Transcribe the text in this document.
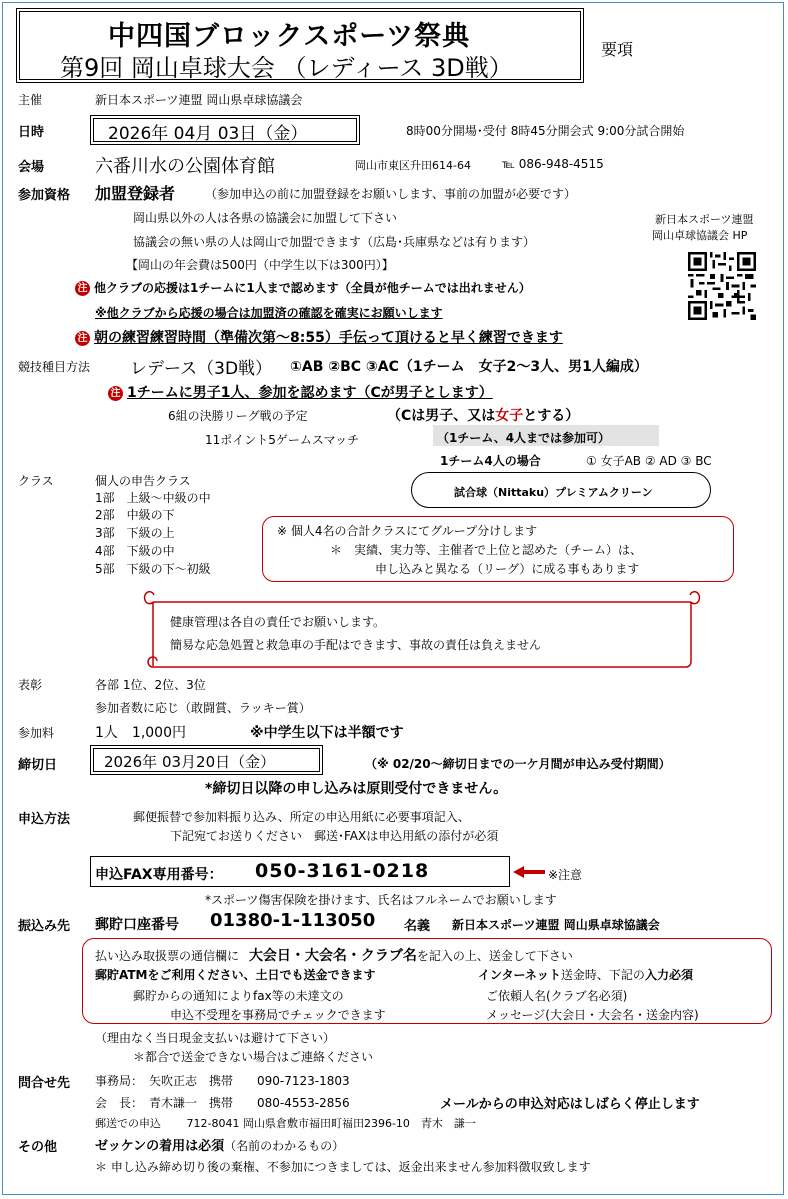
中四国ブロックスポーツ祭典
第9回 岡山卓球大会 （レディース 3D戦）
要項
主催	新日本スポーツ連盟 岡山県卓球協議会
日時	2026年 04月 03日（金）	8時00分開場･受付 8時45分開会式 9:00分試合開始
会場	六番川水の公園体育館	岡山市東区升田614-64	℡ 086-948-4515
参加資格 加盟登録者 （参加申込の前に加盟登録をお願いします、事前の加盟が必要です）
岡山県以外の人は各県の協議会に加盟して下さい
協議会の無い県の人は岡山で加盟できます（広島･兵庫県などは有ります）
【岡山の年会費は500円（中学生以下は300円）】
新日本スポーツ連盟
岡山卓球協議会 HP
注 他クラブの応援は1チームに1人まで認めます（全員が他チームでは出れません）
※他クラブから応援の場合は加盟済の確認を確実にお願いします
注 朝の練習練習時間（準備次第～8:55）手伝って頂けると早く練習できます
競技種目方法 レデース（3D戦） ①AB ②BC ③AC（1チーム　女子2～3人、男1人編成）
注 1チームに男子1人、参加を認めます（Cが男子とします）
6組の決勝リーグ戦の予定	（Cは男子、又は女子とする）
11ポイント5ゲームスマッチ	（1チーム、4人までは参加可）
1チーム4人の場合	① 女子AB ② AD ③ BC
クラス	個人の申告クラス
1部　上級～中級の中
2部　中級の下
3部　下級の上
4部　下級の中
5部　下級の下～初級
試合球（Nittaku）プレミアムクリーン
※ 個人4名の合計クラスにてグループ分けします
＊　実績、実力等、主催者で上位と認めた（チーム）は、
申し込みと異なる（リーグ）に成る事もあります
健康管理は各自の責任でお願いします。
簡易な応急処置と救急車の手配はできます、事故の責任は負えません
表彰	各部 1位、2位、3位
参加者数に応じ（敢闘賞、ラッキー賞）
参加料	1人　1,000円	※中学生以下は半額です
締切日	2026年 03月20日（金）	（※ 02/20～締切日までの一ケ月間が申込み受付期間）
*締切日以降の申し込みは原則受付できません。
申込方法	郵便振替で参加料振り込み、所定の申込用紙に必要事項記入、
下記宛てお送りください　郵送･FAXは申込用紙の添付が必須
申込FAX専用番号： 050-3161-0218	※注意
*スポーツ傷害保険を掛けます、氏名はフルネームでお願いします
振込み先 郵貯口座番号 01380-1-113050 名義 新日本スポーツ連盟 岡山県卓球協議会
払い込み取扱票の通信欄に 大会日・大会名・クラブ名を記入の上、送金して下さい
郵貯ATMをご利用ください、土日でも送金できます	インターネット送金時、下記の入力必須
郵貯からの通知によりfax等の未達文の	ご依頼人名(クラブ名必須)
申込不受理を事務局でチェックできます	メッセージ(大会日・大会名・送金内容)
（理由なく当日現金支払いは避けて下さい）
＊都合で送金できない場合はご連絡ください
問合せ先 事務局：　矢吹正志　携帯　　090-7123-1803
会　長：　青木謙一　携帯　　080-4553-2856	メールからの申込対応はしばらく停止します
郵送での申込　　 712-8041 岡山県倉敷市福田町福田2396-10　青木　謙一
その他	ゼッケンの着用は必須（名前のわかるもの）
＊ 申し込み締め切り後の棄権、不参加につきましては、返金出来ません参加料徴収致します
